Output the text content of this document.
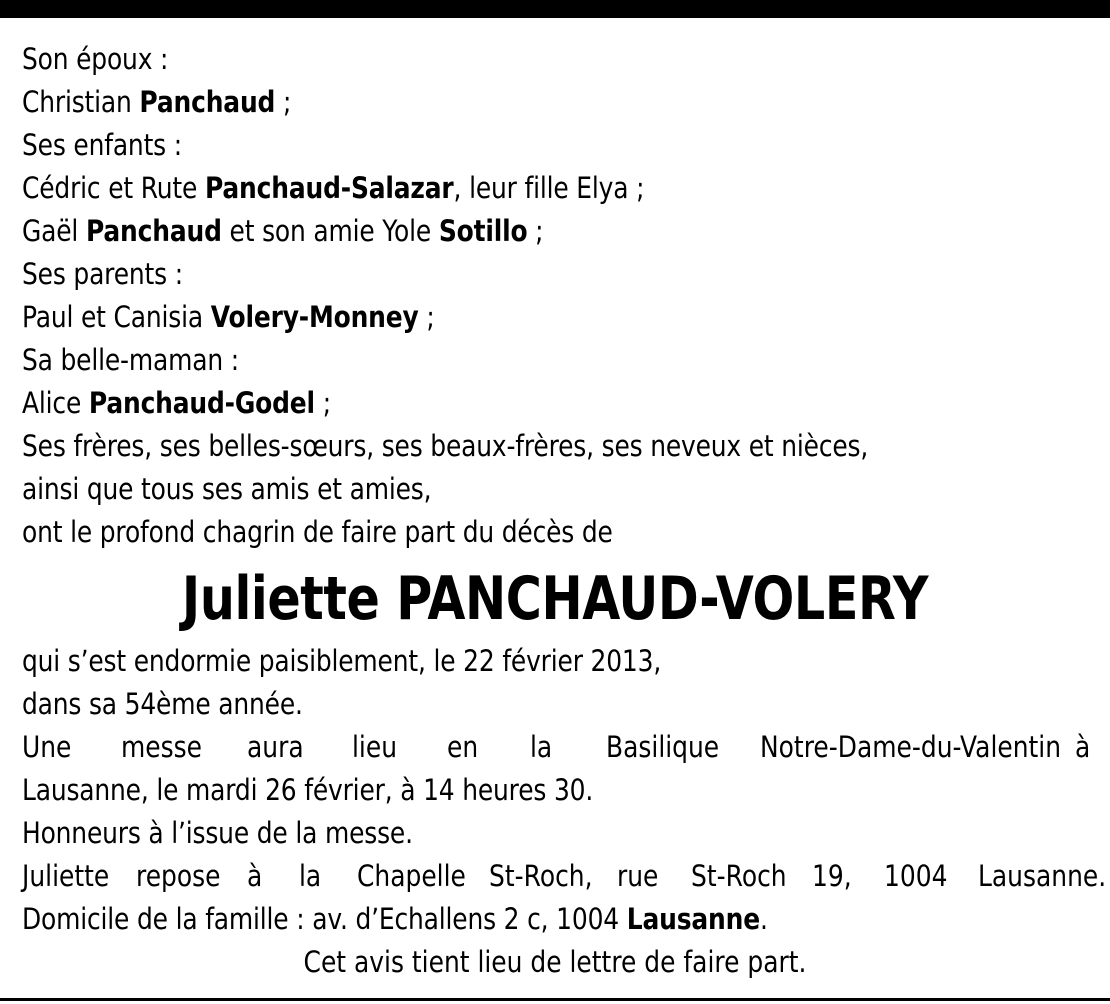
Son époux :
Christian Panchaud ;
Ses enfants :
Cédric et Rute Panchaud-Salazar, leur fille Elya ;
Gaël Panchaud et son amie Yole Sotillo ;
Ses parents :
Paul et Canisia Volery-Monney ;
Sa belle-maman :
Alice Panchaud-Godel ;
Ses frères, ses belles-sœurs, ses beaux-frères, ses neveux et nièces,
ainsi que tous ses amis et amies,
ont le profond chagrin de faire part du décès de
Juliette PANCHAUD-VOLERY
qui s’est endormie paisiblement, le 22 février 2013,
dans sa 54ème année.
Une messe aura lieu en la Basilique Notre-Dame-du-Valentin à
Lausanne, le mardi 26 février, à 14 heures 30.
Honneurs à l’issue de la messe.
Juliette repose à la Chapelle St-Roch, rue St-Roch 19, 1004 Lausanne.
Domicile de la famille : av. d’Echallens 2 c, 1004 Lausanne.
Cet avis tient lieu de lettre de faire part.
